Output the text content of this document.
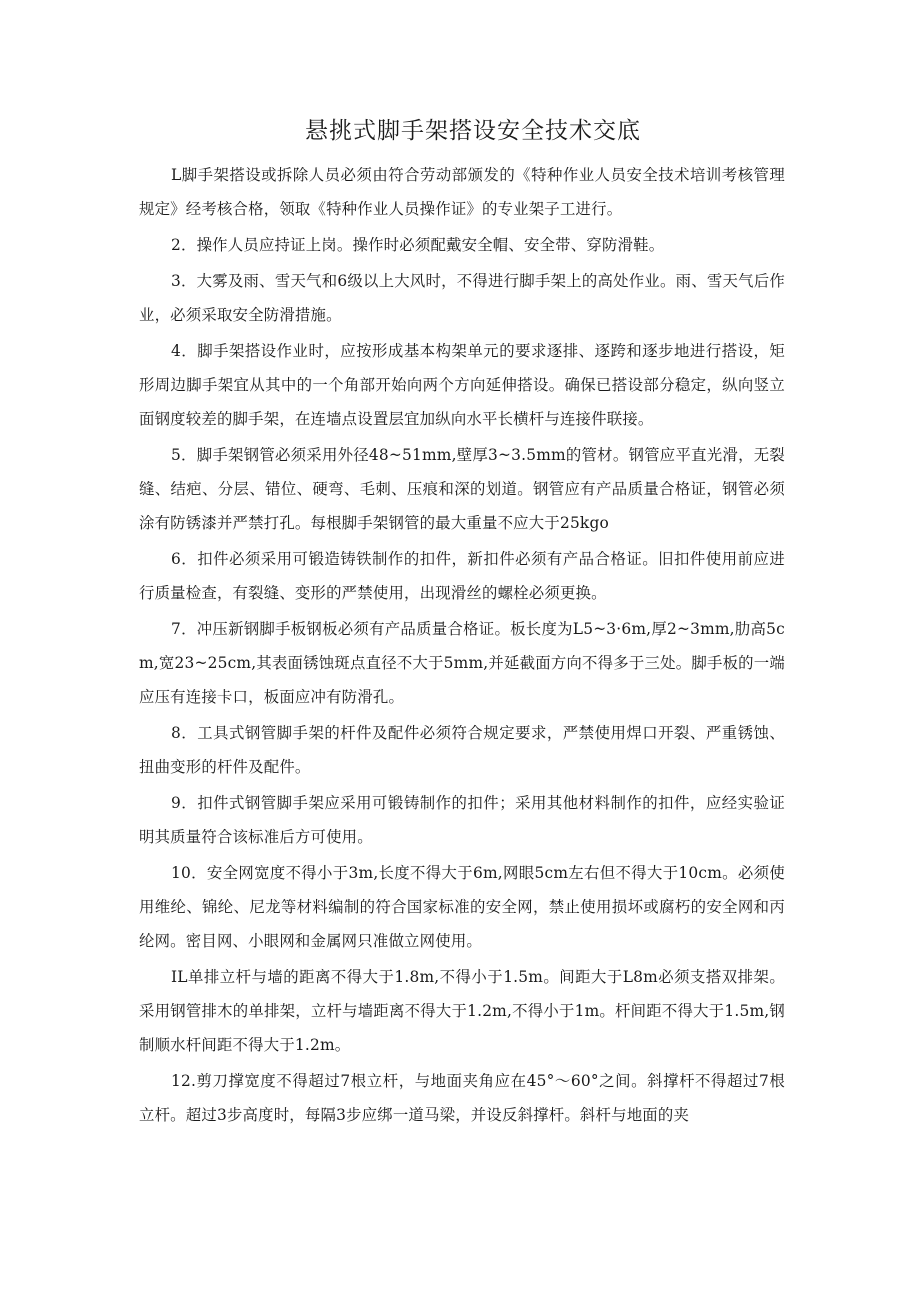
悬挑式脚手架搭设安全技术交底

L脚手架搭设或拆除人员必须由符合劳动部颁发的《特种作业人员安全技术培训考核管理规定》经考核合格，领取《特种作业人员操作证》的专业架子工进行。

2．操作人员应持证上岗。操作时必须配戴安全帽、安全带、穿防滑鞋。

3．大雾及雨、雪天气和6级以上大风时，不得进行脚手架上的高处作业。雨、雪天气后作业，必须采取安全防滑措施。

4．脚手架搭设作业时，应按形成基本构架单元的要求逐排、逐跨和逐步地进行搭设，矩形周边脚手架宜从其中的一个角部开始向两个方向延伸搭设。确保已搭设部分稳定，纵向竖立面钢度较差的脚手架，在连墙点设置层宜加纵向水平长横杆与连接件联接。

5．脚手架钢管必须采用外径48~51mm,壁厚3~3.5mm的管材。钢管应平直光滑，无裂缝、结疤、分层、错位、硬弯、毛刺、压痕和深的划道。钢管应有产品质量合格证，钢管必须涂有防锈漆并严禁打孔。每根脚手架钢管的最大重量不应大于25kgo

6．扣件必须采用可锻造铸铁制作的扣件，新扣件必须有产品合格证。旧扣件使用前应进行质量检查，有裂缝、变形的严禁使用，出现滑丝的螺栓必须更换。

7．冲压新钢脚手板钢板必须有产品质量合格证。板长度为L5~3·6m,厚2~3mm,肋高5cm,宽23~25cm,其表面锈蚀斑点直径不大于5mm,并延截面方向不得多于三处。脚手板的一端应压有连接卡口，板面应冲有防滑孔。

8．工具式钢管脚手架的杆件及配件必须符合规定要求，严禁使用焊口开裂、严重锈蚀、扭曲变形的杆件及配件。

9．扣件式钢管脚手架应采用可锻铸制作的扣件；采用其他材料制作的扣件，应经实验证明其质量符合该标准后方可使用。

10．安全网宽度不得小于3m,长度不得大于6m,网眼5cm左右但不得大于10cm。必须使用维纶、锦纶、尼龙等材料编制的符合国家标准的安全网，禁止使用损坏或腐朽的安全网和丙纶网。密目网、小眼网和金属网只准做立网使用。

IL单排立杆与墙的距离不得大于1.8m,不得小于1.5m。间距大于L8m必须支搭双排架。采用钢管排木的单排架，立杆与墙距离不得大于1.2m,不得小于1m。杆间距不得大于1.5m,钢制顺水杆间距不得大于1.2m。

12.剪刀撑宽度不得超过7根立杆，与地面夹角应在45°～60°之间。斜撑杆不得超过7根立杆。超过3步高度时，每隔3步应绑一道马梁，并设反斜撑杆。斜杆与地面的夹
